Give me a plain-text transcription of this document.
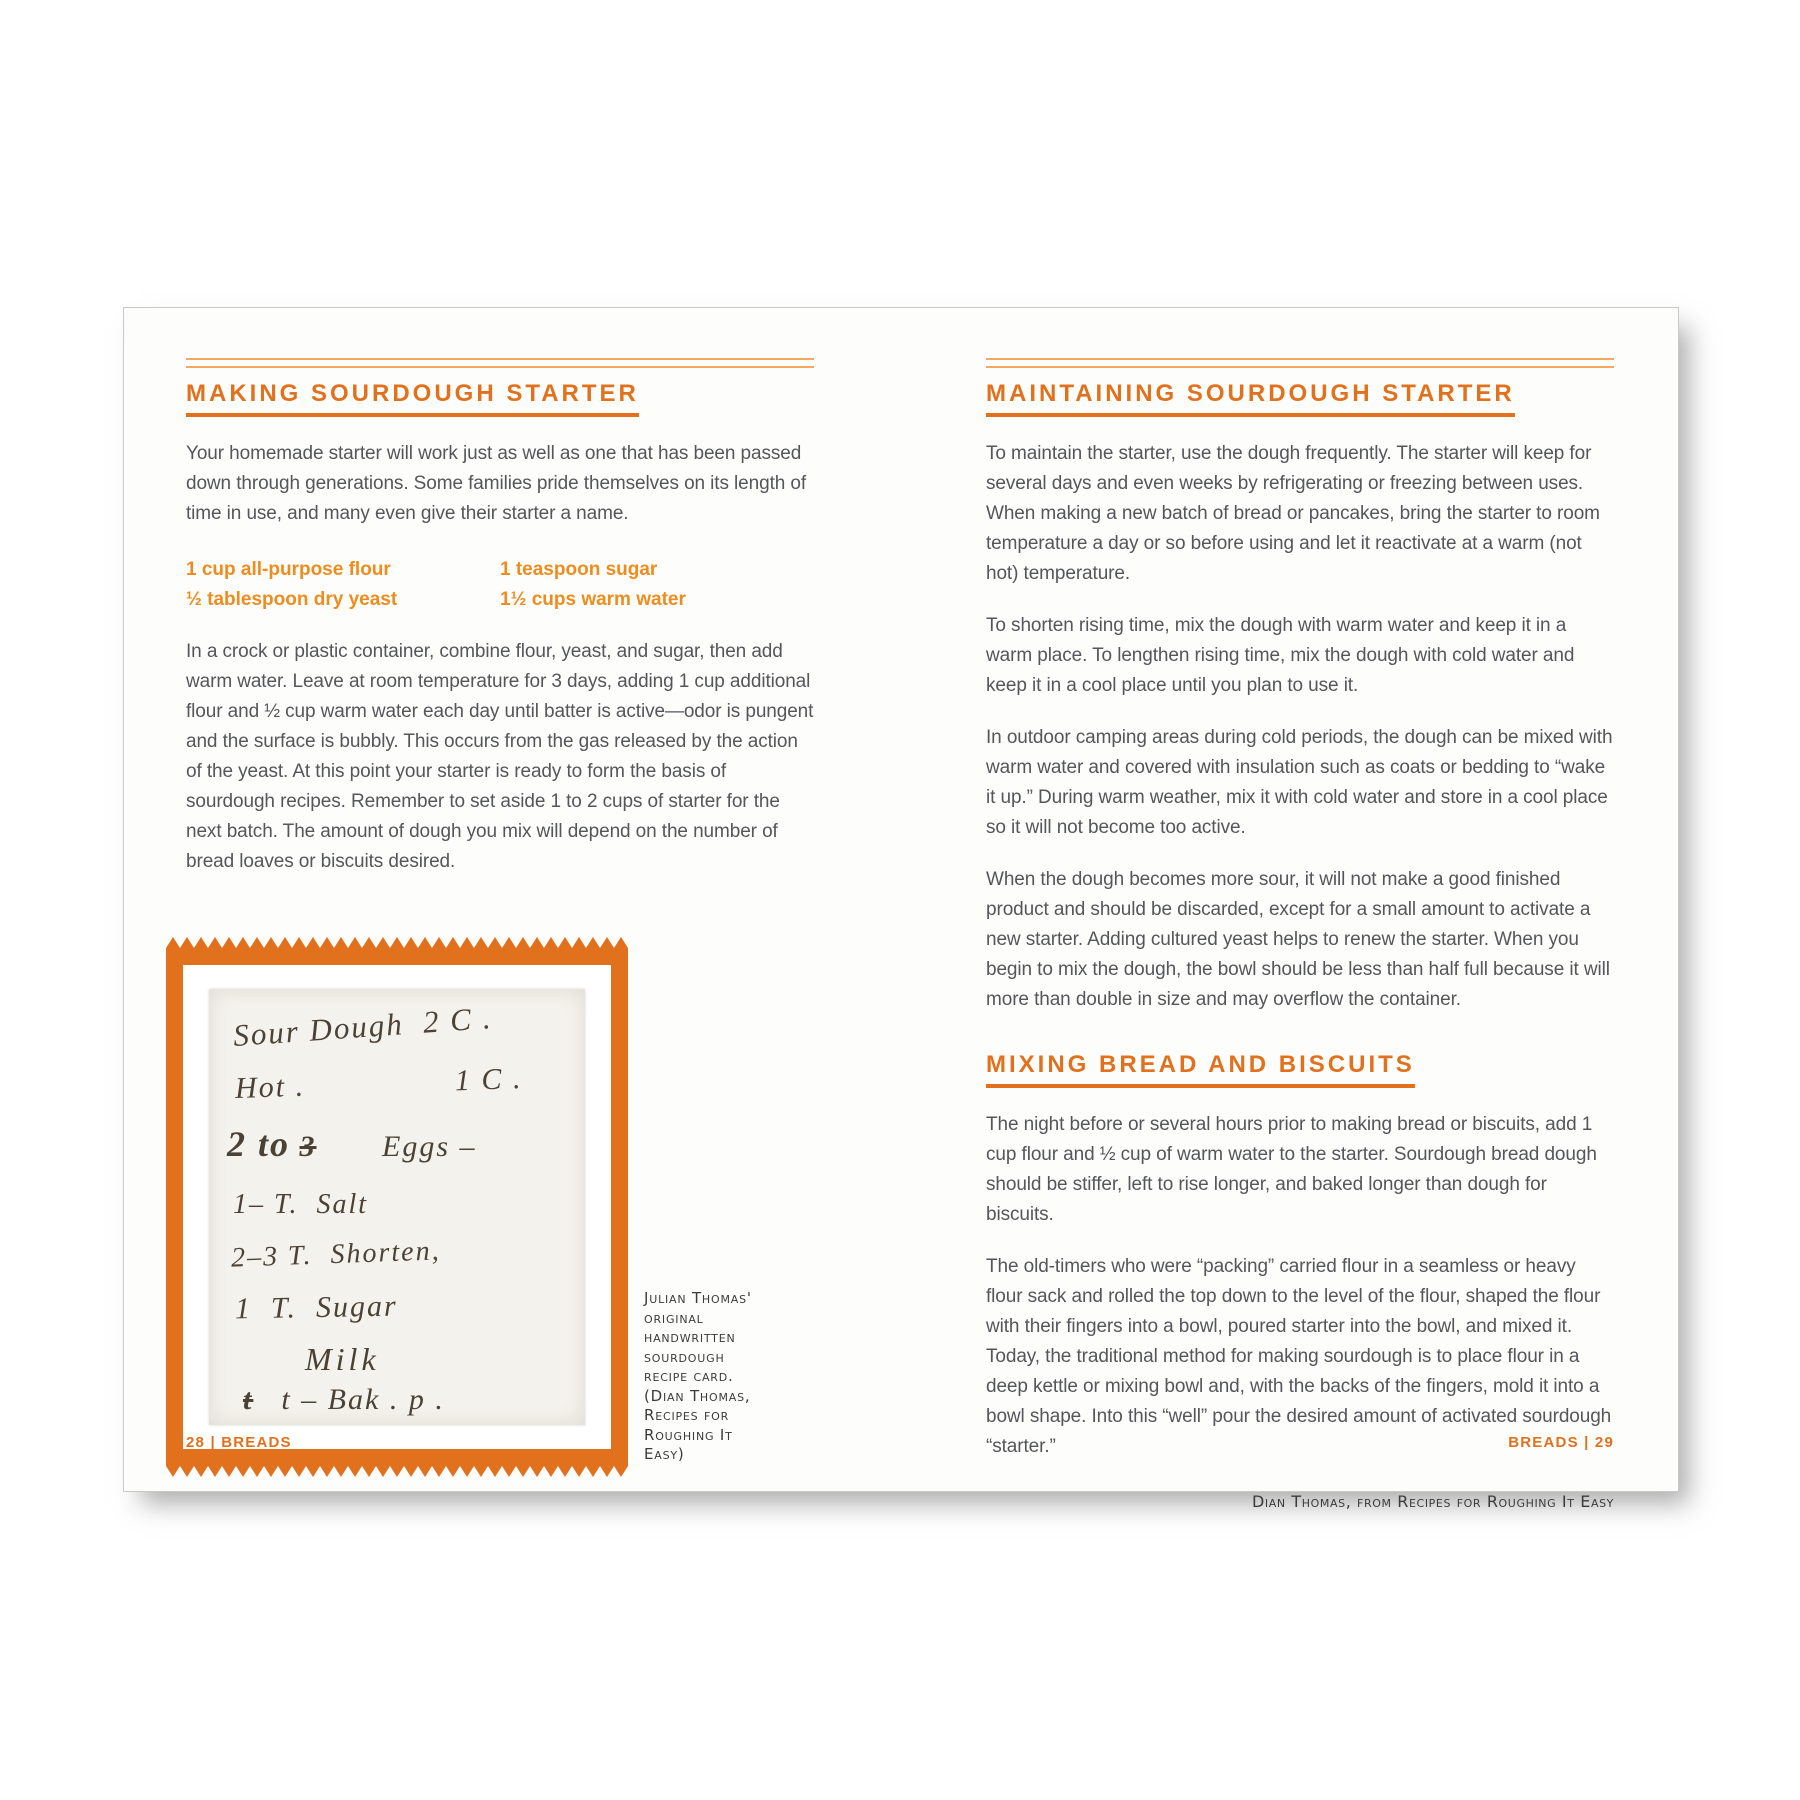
MAKING SOURDOUGH STARTER

Your homemade starter will work just as well as one that has been passed down through generations. Some families pride themselves on its length of time in use, and many even give their starter a name.

1 cup all-purpose flour
½ tablespoon dry yeast
1 teaspoon sugar
1½ cups warm water

In a crock or plastic container, combine flour, yeast, and sugar, then add warm water. Leave at room temperature for 3 days, adding 1 cup additional flour and ½ cup warm water each day until batter is active—odor is pungent and the surface is bubbly. This occurs from the gas released by the action of the yeast. At this point your starter is ready to form the basis of sourdough recipes. Remember to set aside 1 to 2 cups of starter for the next batch. The amount of dough you mix will depend on the number of bread loaves or biscuits desired.

Sour Dough  2 C .
Hot .	1 C .
2 to 3 Eggs –
1– T.  Salt
2–3 T.  Shorten,
1  T.  Sugar
Milk
t t – Bak . p .
Julian Thomas'
original
handwritten
sourdough
recipe card.
(Dian Thomas,
Recipes for
Roughing It
Easy)
MAINTAINING SOURDOUGH STARTER

To maintain the starter, use the dough frequently. The starter will keep for several days and even weeks by refrigerating or freezing between uses. When making a new batch of bread or pancakes, bring the starter to room temperature a day or so before using and let it reactivate at a warm (not hot) temperature.

To shorten rising time, mix the dough with warm water and keep it in a warm place. To lengthen rising time, mix the dough with cold water and keep it in a cool place until you plan to use it.

In outdoor camping areas during cold periods, the dough can be mixed with warm water and covered with insulation such as coats or bedding to “wake it up.” During warm weather, mix it with cold water and store in a cool place so it will not become too active.

When the dough becomes more sour, it will not make a good finished product and should be discarded, except for a small amount to activate a new starter. Adding cultured yeast helps to renew the starter. When you begin to mix the dough, the bowl should be less than half full because it will more than double in size and may overflow the container.

MIXING BREAD AND BISCUITS

The night before or several hours prior to making bread or biscuits, add 1 cup flour and ½ cup of warm water to the starter. Sourdough bread dough should be stiffer, left to rise longer, and baked longer than dough for biscuits.

The old-timers who were “packing” carried flour in a seamless or heavy flour sack and rolled the top down to the level of the flour, shaped the flour with their fingers into a bowl, poured starter into the bowl, and mixed it. Today, the traditional method for making sourdough is to place flour in a deep kettle or mixing bowl and, with the backs of the fingers, mold it into a bowl shape. Into this “well” pour the desired amount of activated sourdough “starter.”

Dian Thomas, from Recipes for Roughing It Easy
28 | BREADS	BREADS | 29
